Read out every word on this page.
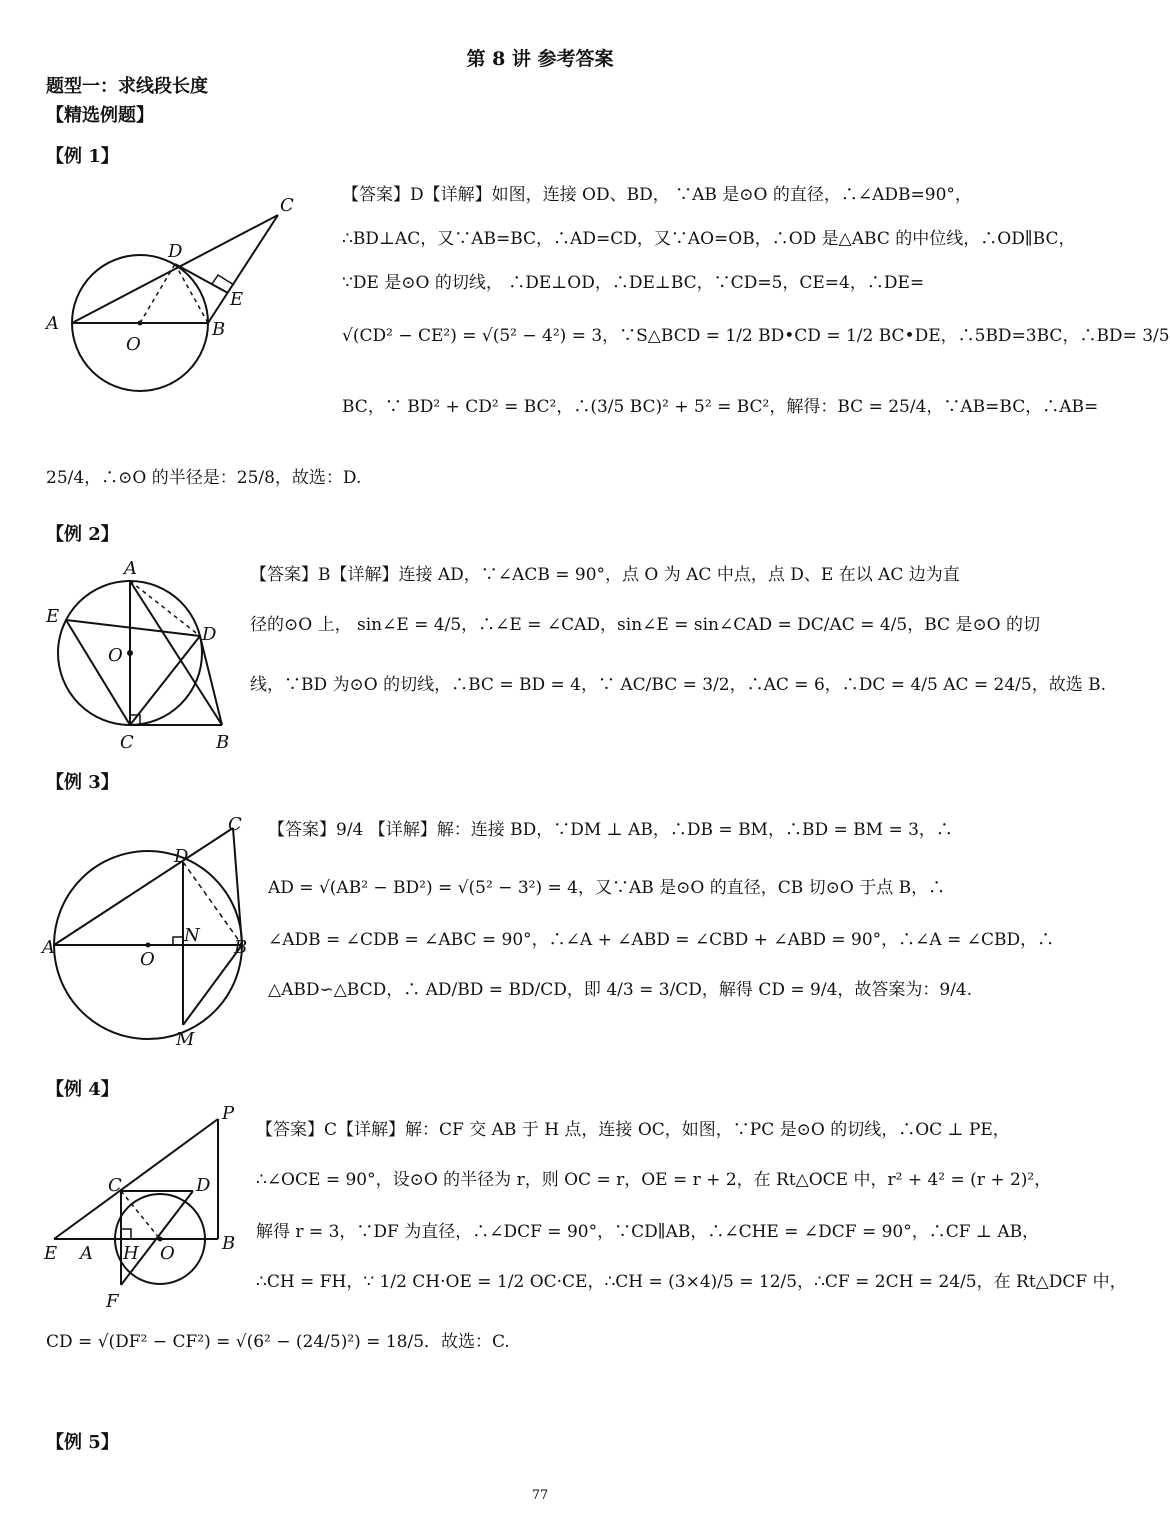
第 8 讲 参考答案
题型一：求线段长度
【精选例题】
【例 1】
C
D
E
A
O
B
【答案】D【详解】如图，连接 OD、BD， ∵AB 是⊙O 的直径，∴∠ADB=90°，
∴BD⊥AC，又∵AB=BC，∴AD=CD，又∵AO=OB，∴OD 是△ABC 的中位线，∴OD∥BC，
∵DE 是⊙O 的切线， ∴DE⊥OD，∴DE⊥BC，∵CD=5，CE=4，∴DE=
√(CD² − CE²) = √(5² − 4²) = 3，∵S△BCD = 1/2 BD•CD = 1/2 BC•DE，∴5BD=3BC，∴BD= 3/5
BC，∵ BD² + CD² = BC²，∴(3/5 BC)² + 5² = BC²，解得：BC = 25/4，∵AB=BC，∴AB=
25/4，∴⊙O 的半径是：25/8，故选：D.
【例 2】
A
E
D
O
C	B
【答案】B【详解】连接 AD，∵∠ACB = 90°，点 O 为 AC 中点，点 D、E 在以 AC 边为直
径的⊙O 上， sin∠E = 4/5，∴∠E = ∠CAD，sin∠E = sin∠CAD = DC/AC = 4/5，BC 是⊙O 的切
线，∵BD 为⊙O 的切线，∴BC = BD = 4，∵ AC/BC = 3/2，∴AC = 6，∴DC = 4/5 AC = 24/5，故选 B.
【例 3】
C
D
A
N
O
B
M
【答案】9/4 【详解】解：连接 BD，∵DM ⊥ AB，∴DB = BM，∴BD = BM = 3，∴
AD = √(AB² − BD²) = √(5² − 3²) = 4，又∵AB 是⊙O 的直径，CB 切⊙O 于点 B，∴
∠ADB = ∠CDB = ∠ABC = 90°，∴∠A + ∠ABD = ∠CBD + ∠ABD = 90°，∴∠A = ∠CBD，∴
△ABD∽△BCD，∴ AD/BD = BD/CD，即 4/3 = 3/CD，解得 CD = 9/4，故答案为：9/4.
【例 4】
P
C	D
E A H O	B
F
【答案】C【详解】解：CF 交 AB 于 H 点，连接 OC，如图，∵PC 是⊙O 的切线，∴OC ⊥ PE，
∴∠OCE = 90°，设⊙O 的半径为 r，则 OC = r，OE = r + 2，在 Rt△OCE 中，r² + 4² = (r + 2)²，
解得 r = 3，∵DF 为直径，∴∠DCF = 90°，∵CD∥AB，∴∠CHE = ∠DCF = 90°，∴CF ⊥ AB，
∴CH = FH，∵ 1/2 CH·OE = 1/2 OC·CE，∴CH = (3×4)/5 = 12/5，∴CF = 2CH = 24/5，在 Rt△DCF 中，
CD = √(DF² − CF²) = √(6² − (24/5)²) = 18/5．故选：C.
【例 5】
77
